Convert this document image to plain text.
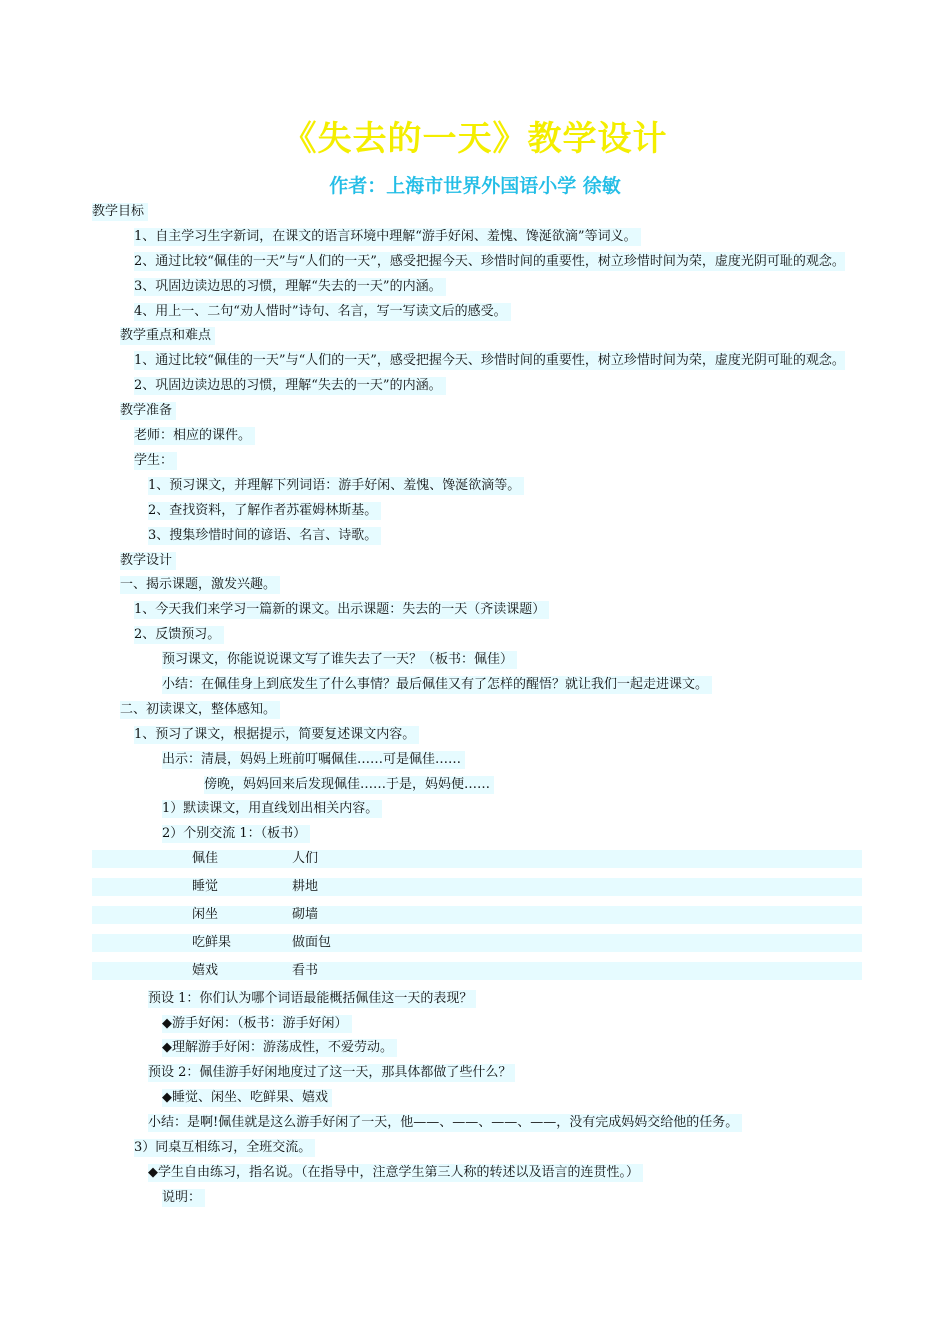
《失去的一天》教学设计
作者：上海市世界外国语小学 徐敏
教学目标
1、自主学习生字新词，在课文的语言环境中理解“游手好闲、羞愧、馋涎欲滴”等词义。
2、通过比较“佩佳的一天”与“人们的一天”，感受把握今天、珍惜时间的重要性，树立珍惜时间为荣，虚度光阴可耻的观念。
3、巩固边读边思的习惯，理解“失去的一天”的内涵。
4、用上一、二句“劝人惜时”诗句、名言，写一写读文后的感受。
教学重点和难点
1、通过比较“佩佳的一天”与“人们的一天”，感受把握今天、珍惜时间的重要性，树立珍惜时间为荣，虚度光阴可耻的观念。
2、巩固边读边思的习惯，理解“失去的一天”的内涵。
教学准备
老师：相应的课件。
学生：
1、预习课文，并理解下列词语：游手好闲、羞愧、馋涎欲滴等。
2、查找资料，了解作者苏霍姆林斯基。
3、搜集珍惜时间的谚语、名言、诗歌。
教学设计
一、揭示课题，激发兴趣。
1、今天我们来学习一篇新的课文。出示课题：失去的一天（齐读课题）
2、反馈预习。
预习课文，你能说说课文写了谁失去了一天？（板书：佩佳）
小结：在佩佳身上到底发生了什么事情？最后佩佳又有了怎样的醒悟？就让我们一起走进课文。
二、初读课文，整体感知。
1、预习了课文，根据提示，简要复述课文内容。
出示：清晨，妈妈上班前叮嘱佩佳……可是佩佳……
傍晚，妈妈回来后发现佩佳……于是，妈妈便……
1）默读课文，用直线划出相关内容。
2）个别交流 1：（板书）
佩佳	人们
睡觉	耕地
闲坐	砌墙
吃鲜果	做面包
嬉戏	看书
预设 1：你们认为哪个词语最能概括佩佳这一天的表现？
◆游手好闲：（板书：游手好闲）
◆理解游手好闲：游荡成性，不爱劳动。
预设 2：佩佳游手好闲地度过了这一天，那具体都做了些什么？
◆睡觉、闲坐、吃鲜果、嬉戏
小结：是啊!佩佳就是这么游手好闲了一天，他——、——、——、——，没有完成妈妈交给他的任务。
3）同桌互相练习，全班交流。
◆学生自由练习，指名说。（在指导中，注意学生第三人称的转述以及语言的连贯性。）
说明：
